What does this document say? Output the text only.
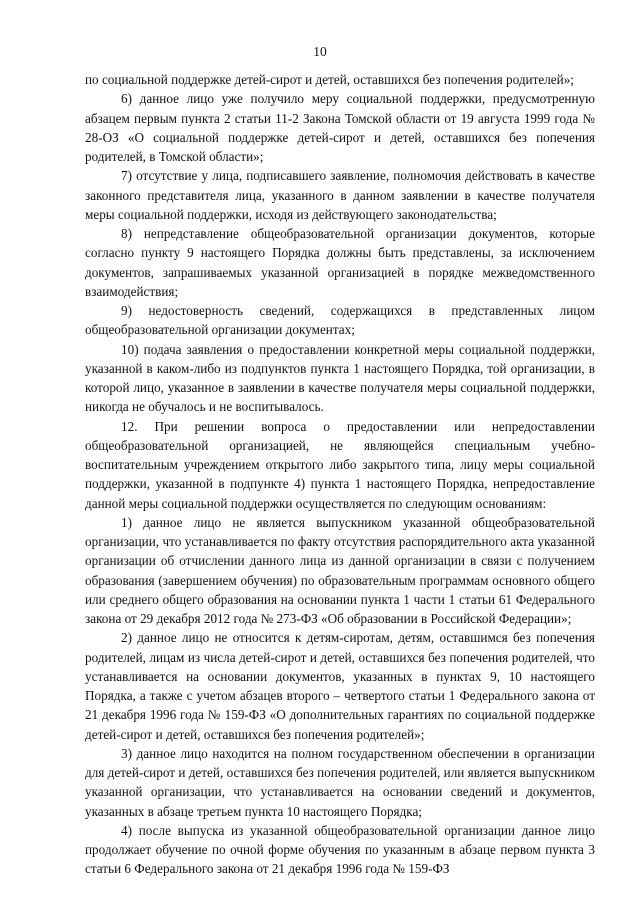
10

по социальной поддержке детей-сирот и детей, оставшихся без попечения родителей»;

6) данное лицо уже получило меру социальной поддержки, предусмотренную абзацем первым пункта 2 статьи 11-2 Закона Томской области от 19 августа 1999 года № 28-ОЗ «О социальной поддержке детей-сирот и детей, оставшихся без попечения родителей, в Томской области»;

7) отсутствие у лица, подписавшего заявление, полномочия действовать в качестве законного представителя лица, указанного в данном заявлении в качестве получателя меры социальной поддержки, исходя из действующего законодательства;

8) непредставление общеобразовательной организации документов, которые согласно пункту 9 настоящего Порядка должны быть представлены, за исключением документов, запрашиваемых указанной организацией в порядке межведомственного взаимодействия;

9) недостоверность сведений, содержащихся в представленных лицом общеобразовательной организации документах;

10) подача заявления о предоставлении конкретной меры социальной поддержки, указанной в каком-либо из подпунктов пункта 1 настоящего Порядка, той организации, в которой лицо, указанное в заявлении в качестве получателя меры социальной поддержки, никогда не обучалось и не воспитывалось.

12. При решении вопроса о предоставлении или непредоставлении общеобразовательной организацией, не являющейся специальным учебно-воспитательным учреждением открытого либо закрытого типа, лицу меры социальной поддержки, указанной в подпункте 4) пункта 1 настоящего Порядка, непредоставление данной меры социальной поддержки осуществляется по следующим основаниям:

1) данное лицо не является выпускником указанной общеобразовательной организации, что устанавливается по факту отсутствия распорядительного акта указанной организации об отчислении данного лица из данной организации в связи с получением образования (завершением обучения) по образовательным программам основного общего или среднего общего образования на основании пункта 1 части 1 статьи 61 Федерального закона от 29 декабря 2012 года № 273-ФЗ «Об образовании в Российской Федерации»;

2) данное лицо не относится к детям-сиротам, детям, оставшимся без попечения родителей, лицам из числа детей-сирот и детей, оставшихся без попечения родителей, что устанавливается на основании документов, указанных в пунктах 9, 10 настоящего Порядка, а также с учетом абзацев второго – четвертого статьи 1 Федерального закона от 21 декабря 1996 года № 159-ФЗ «О дополнительных гарантиях по социальной поддержке детей-сирот и детей, оставшихся без попечения родителей»;

3) данное лицо находится на полном государственном обеспечении в организации для детей-сирот и детей, оставшихся без попечения родителей, или является выпускником указанной организации, что устанавливается на основании сведений и документов, указанных в абзаце третьем пункта 10 настоящего Порядка;

4) после выпуска из указанной общеобразовательной организации данное лицо продолжает обучение по очной форме обучения по указанным в абзаце первом пункта 3 статьи 6 Федерального закона от 21 декабря 1996 года № 159-ФЗ
